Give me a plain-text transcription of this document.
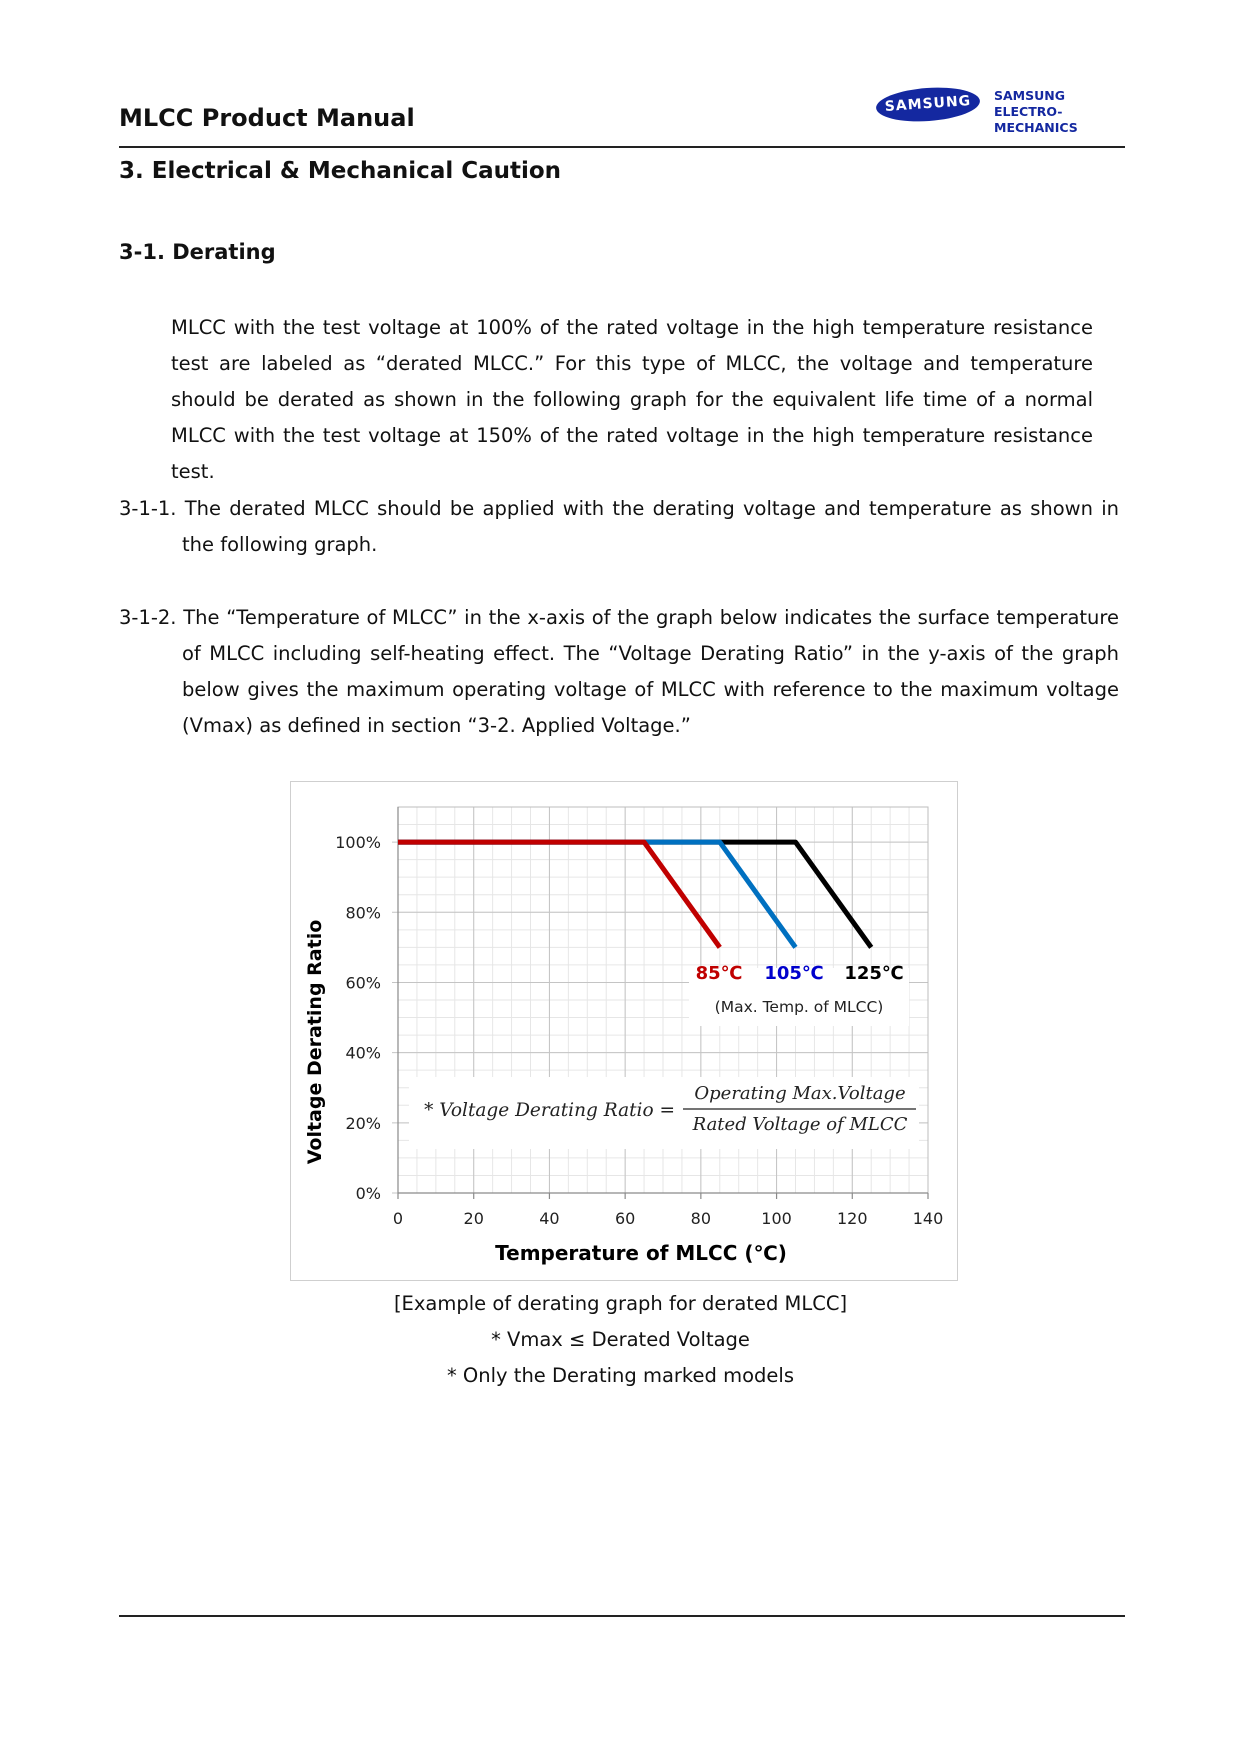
MLCC Product Manual	SAMSUNG	SAMSUNG
ELECTRO-MECHANICS
3. Electrical & Mechanical Caution
3-1. Derating
MLCC with the test voltage at 100% of the rated voltage in the high temperature resistance test are labeled as “derated MLCC.” For this type of MLCC, the voltage and temperature should be derated as shown in the following graph for the equivalent life time of a normal MLCC with the test voltage at 150% of the rated voltage in the high temperature resistance test.
3-1-1. The derated MLCC should be applied with the derating voltage and temperature as shown in the following graph.
3-1-2. The “Temperature of MLCC” in the x-axis of the graph below indicates the surface temperature of MLCC including self-heating effect. The “Voltage Derating Ratio” in the y-axis of the graph below gives the maximum operating voltage of MLCC with reference to the maximum voltage (Vmax) as defined in section “3-2. Applied Voltage.”
0	20	40	60	80	100	120	140
0%
20%
40%
60%
80%
100%
Voltage Derating Ratio
Temperature of MLCC (℃)
85℃ 105℃ 125℃
(Max. Temp. of MLCC)
* Voltage Derating Ratio =
Operating Max.Voltage
Rated Voltage of MLCC
[Example of derating graph for derated MLCC]
* Vmax ≤ Derated Voltage
* Only the Derating marked models
